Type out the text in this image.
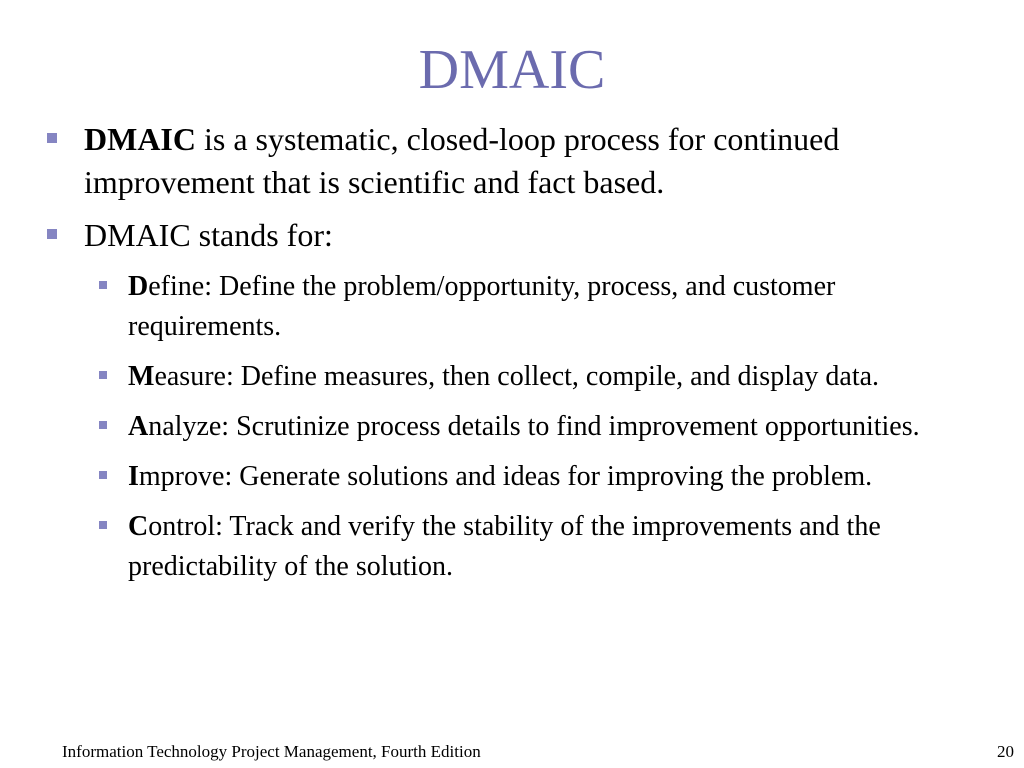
DMAIC
DMAIC is a systematic, closed-loop process for continued improvement that is scientific and fact based.
DMAIC stands for:
Define: Define the problem/opportunity, process, and customer requirements.
Measure: Define measures, then collect, compile, and display data.
Analyze: Scrutinize process details to find improvement opportunities.
Improve: Generate solutions and ideas for improving the problem.
Control: Track and verify the stability of the improvements and the predictability of the solution.
Information Technology Project Management, Fourth Edition	20
